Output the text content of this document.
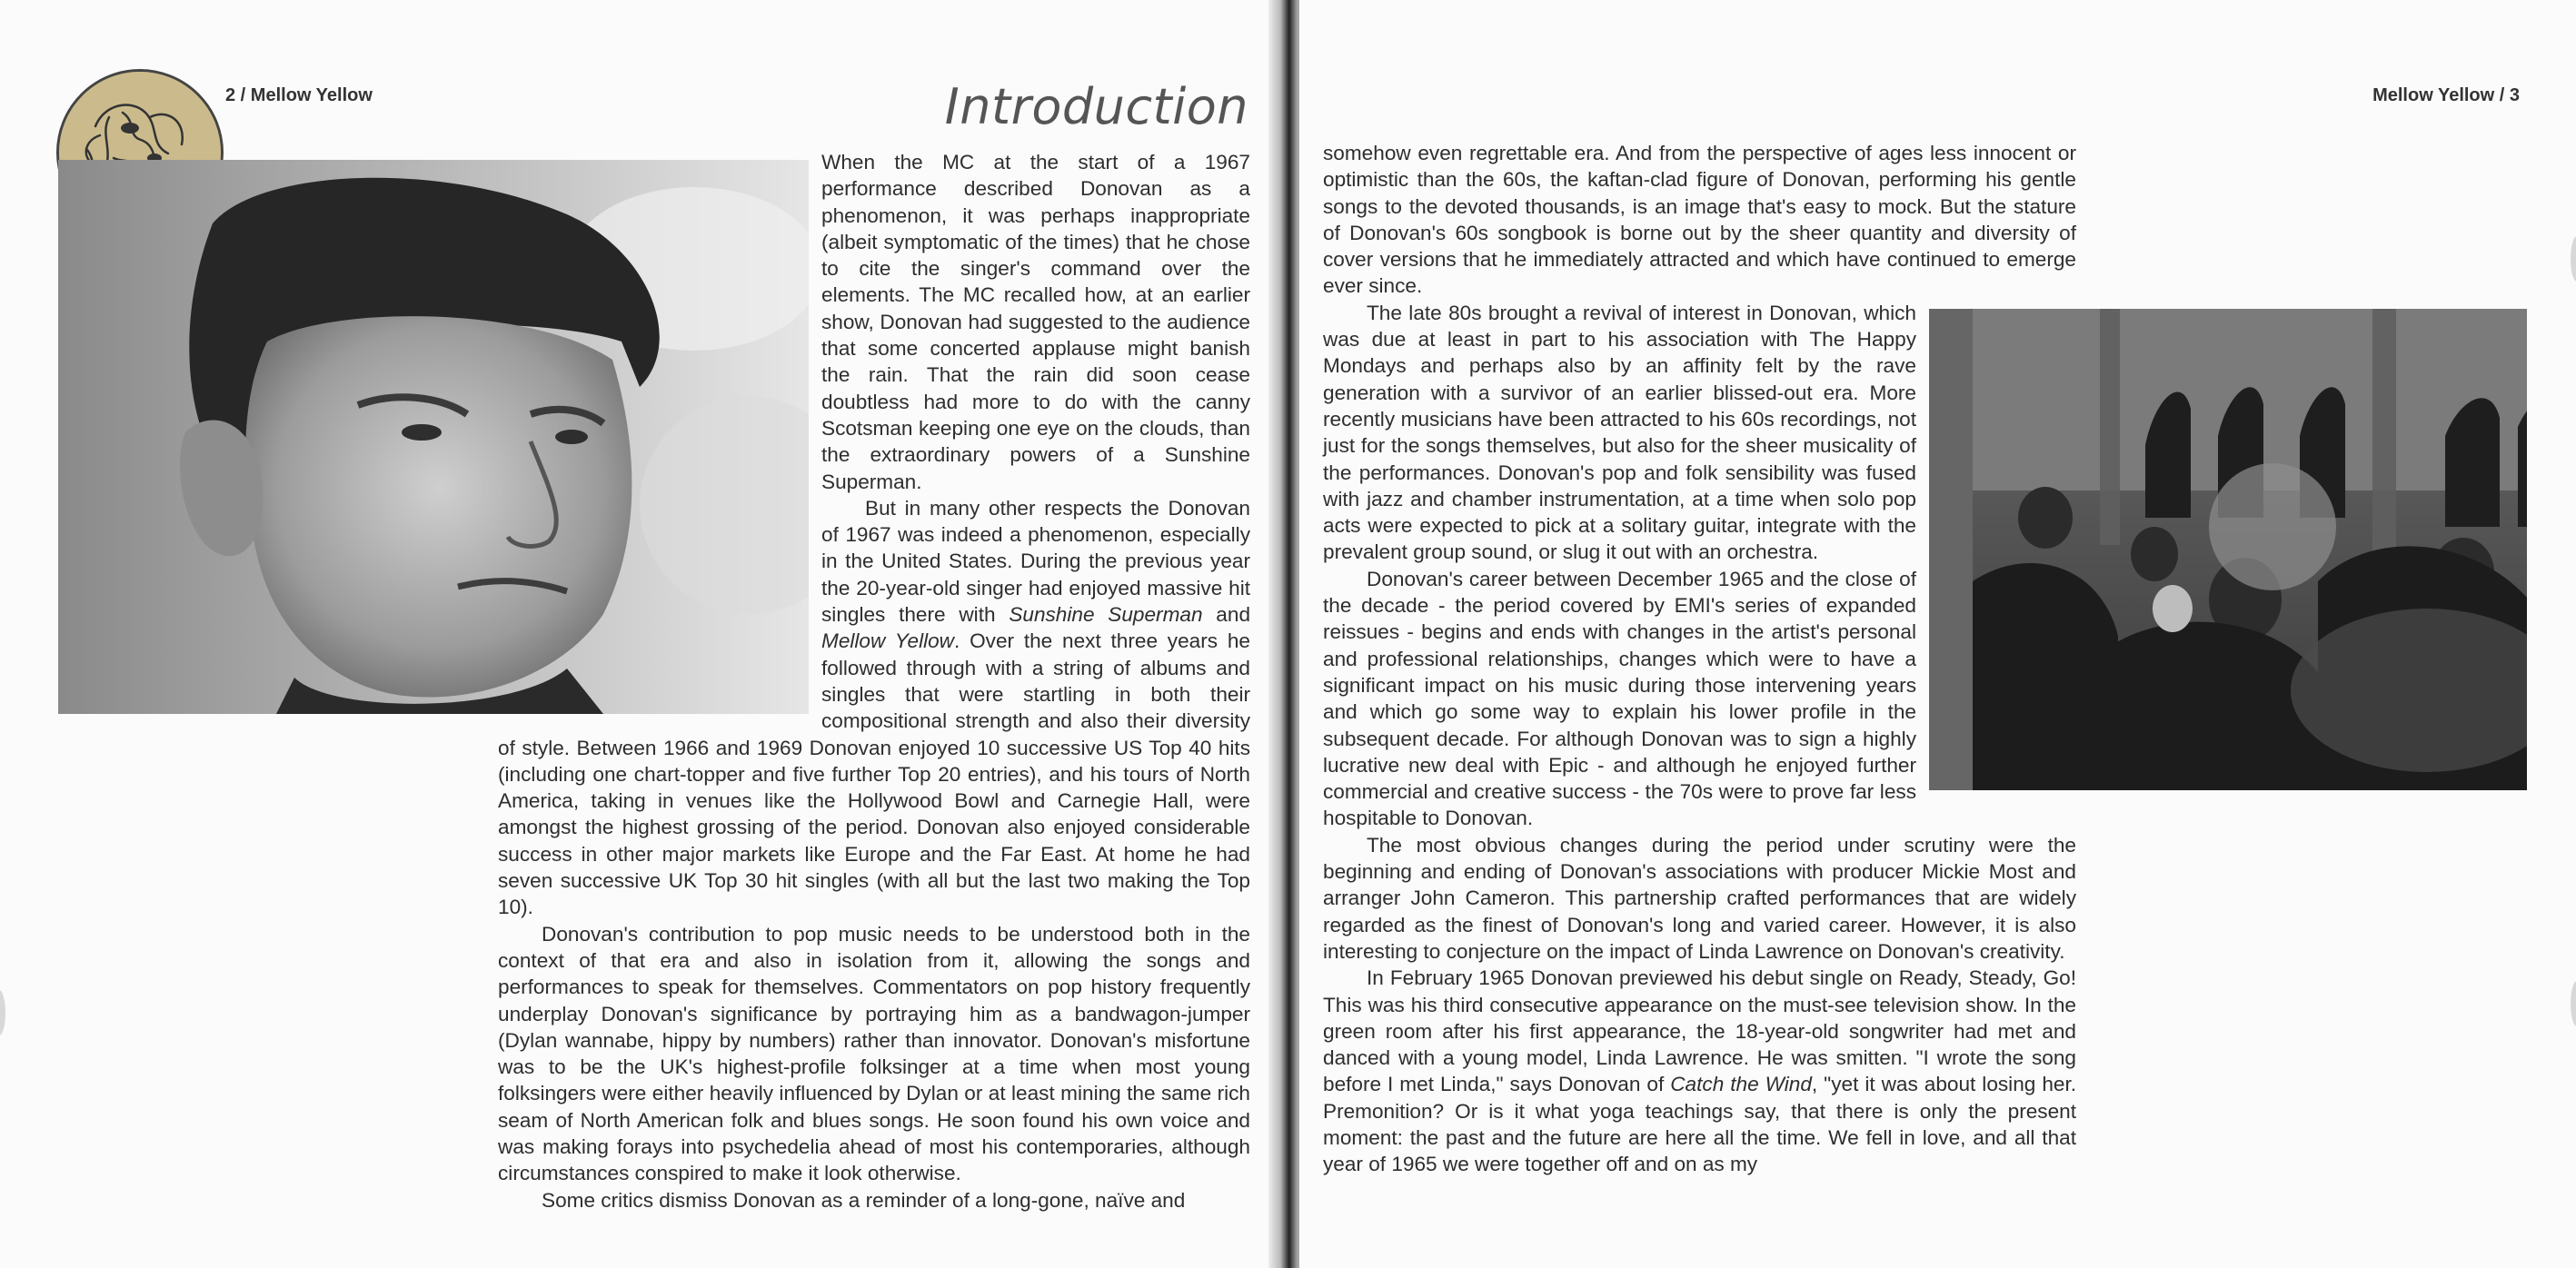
2 / Mellow Yellow	Mellow Yellow / 3
Introduction

When the MC at the start of a 1967 performance described Donovan as a phenomenon, it was perhaps inappropriate (albeit symptomatic of the times) that he chose to cite the singer's command over the elements. The MC recalled how, at an earlier show, Donovan had suggested to the audience that some concerted applause might banish the rain. That the rain did soon cease doubtless had more to do with the canny Scotsman keeping one eye on the clouds, than the extraordinary powers of a Sunshine Superman.

But in many other respects the Donovan of 1967 was indeed a phenomenon, especially in the United States. During the previous year the 20-year-old singer had enjoyed massive hit singles there with Sunshine Superman and Mellow Yellow. Over the next three years he followed through with a string of albums and singles that were startling in both their compositional strength and also their diversity of style. Between 1966 and 1969 Donovan enjoyed 10 successive US Top 40 hits (including one chart-topper and five further Top 20 entries), and his tours of North America, taking in venues like the Hollywood Bowl and Carnegie Hall, were amongst the highest grossing of the period. Donovan also enjoyed considerable success in other major markets like Europe and the Far East. At home he had seven successive UK Top 30 hit singles (with all but the last two making the Top 10).

Donovan's contribution to pop music needs to be understood both in the context of that era and also in isolation from it, allowing the songs and performances to speak for themselves. Commentators on pop history frequently underplay Donovan's significance by portraying him as a bandwagon-jumper (Dylan wannabe, hippy by numbers) rather than innovator. Donovan's misfortune was to be the UK's highest-profile folksinger at a time when most young folksingers were either heavily influenced by Dylan or at least mining the same rich seam of North American folk and blues songs. He soon found his own voice and was making forays into psychedelia ahead of most his contemporaries, although circumstances conspired to make it look otherwise.

Some critics dismiss Donovan as a reminder of a long-gone, naïve and

somehow even regrettable era. And from the perspective of ages less innocent or optimistic than the 60s, the kaftan-clad figure of Donovan, performing his gentle songs to the devoted thousands, is an image that's easy to mock. But the stature of Donovan's 60s songbook is borne out by the sheer quantity and diversity of cover versions that he immediately attracted and which have continued to emerge ever since.

The late 80s brought a revival of interest in Donovan, which was due at least in part to his association with The Happy Mondays and perhaps also by an affinity felt by the rave generation with a survivor of an earlier blissed-out era. More recently musicians have been attracted to his 60s recordings, not just for the songs themselves, but also for the sheer musicality of the performances. Donovan's pop and folk sensibility was fused with jazz and chamber instrumentation, at a time when solo pop acts were expected to pick at a solitary guitar, integrate with the prevalent group sound, or slug it out with an orchestra.

Donovan's career between December 1965 and the close of the decade - the period covered by EMI's series of expanded reissues - begins and ends with changes in the artist's personal and professional relationships, changes which were to have a significant impact on his music during those intervening years and which go some way to explain his lower profile in the subsequent decade. For although Donovan was to sign a highly lucrative new deal with Epic - and although he enjoyed further commercial and creative success - the 70s were to prove far less hospitable to Donovan.

The most obvious changes during the period under scrutiny were the beginning and ending of Donovan's associations with producer Mickie Most and arranger John Cameron. This partnership crafted performances that are widely regarded as the finest of Donovan's long and varied career. However, it is also interesting to conjecture on the impact of Linda Lawrence on Donovan's creativity.

In February 1965 Donovan previewed his debut single on Ready, Steady, Go! This was his third consecutive appearance on the must-see television show. In the green room after his first appearance, the 18-year-old songwriter had met and danced with a young model, Linda Lawrence. He was smitten. "I wrote the song before I met Linda," says Donovan of Catch the Wind, "yet it was about losing her. Premonition? Or is it what yoga teachings say, that there is only the present moment: the past and the future are here all the time. We fell in love, and all that year of 1965 we were together off and on as my
